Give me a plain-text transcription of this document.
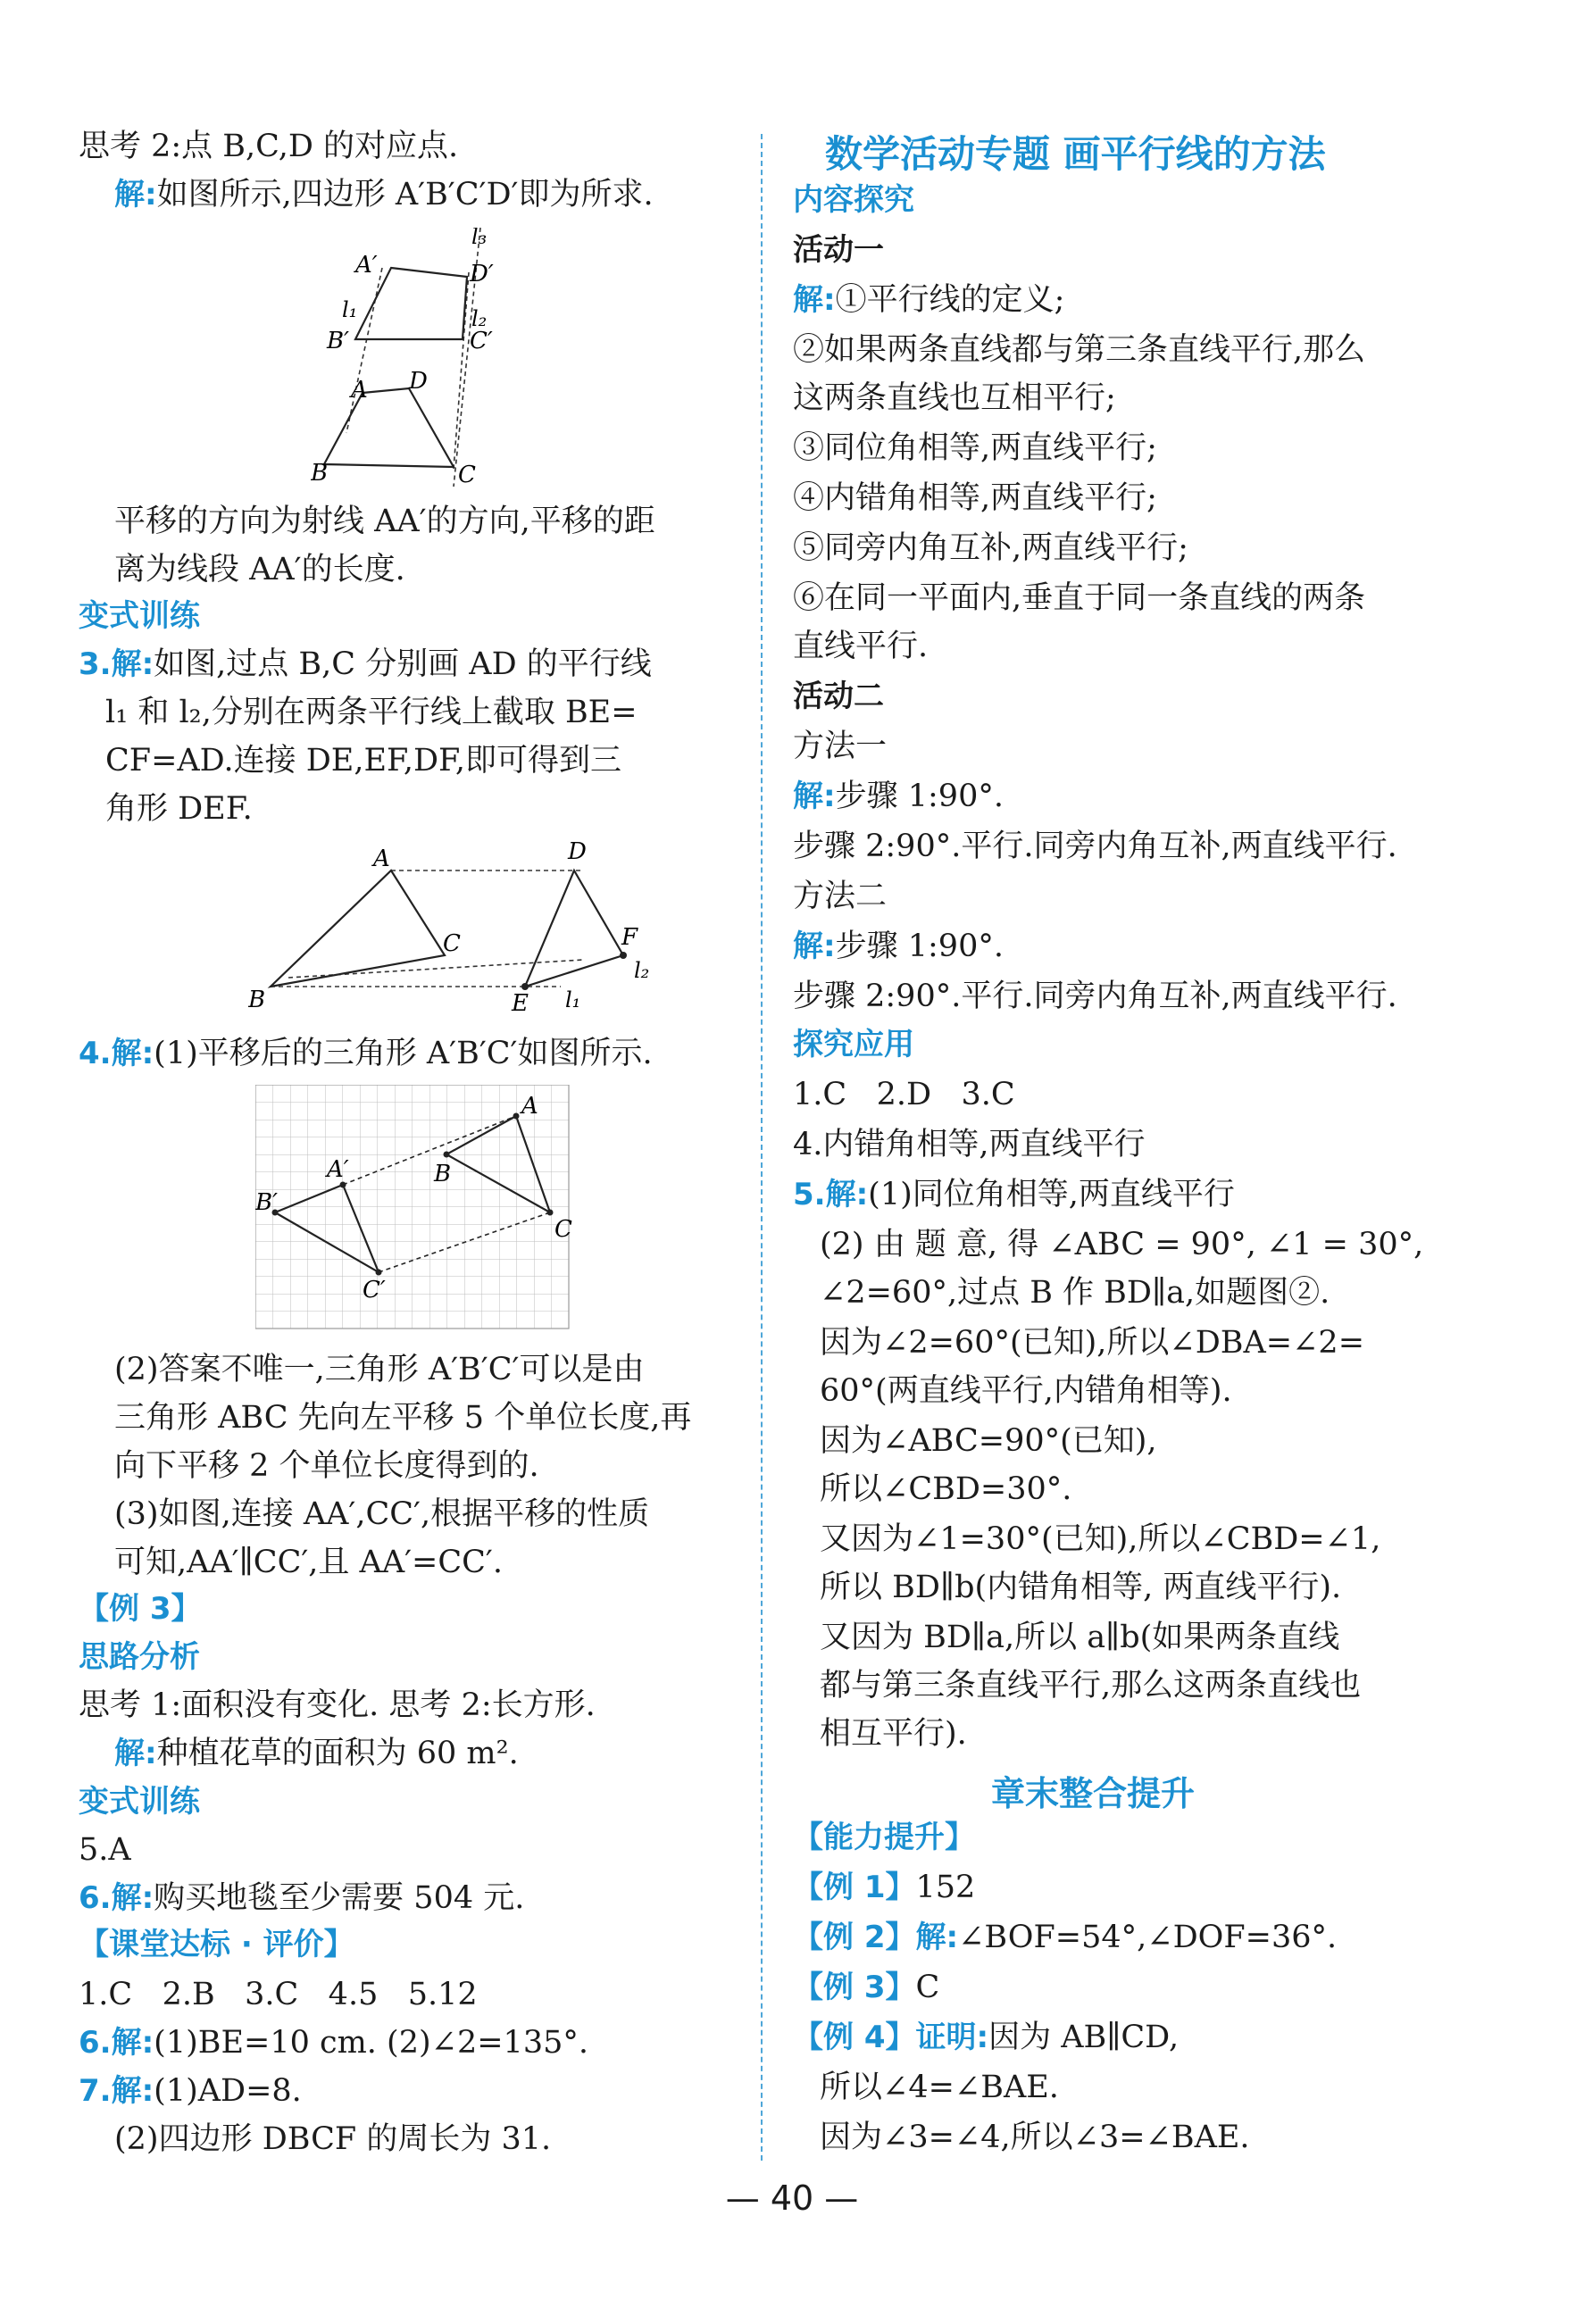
思考 2:点 B,C,D 的对应点.
解:如图所示,四边形 A′B′C′D′即为所求.
A′
l₃
D′
l₁	l₂
B′	C′
A D
B	C
平移的方向为射线 AA′的方向,平移的距
离为线段 AA′的长度.
变式训练
3.解:如图,过点 B,C 分别画 AD 的平行线
l₁ 和 l₂,分别在两条平行线上截取 BE=
CF=AD.连接 DE,EF,DF,即可得到三
角形 DEF.
A	D
C	F
l₂
B	E l₁
4.解:(1)平移后的三角形 A′B′C′如图所示.
A
B
C
A′
B′
C′
(2)答案不唯一,三角形 A′B′C′可以是由
三角形 ABC 先向左平移 5 个单位长度,再
向下平移 2 个单位长度得到的.
(3)如图,连接 AA′,CC′,根据平移的性质
可知,AA′∥CC′,且 AA′=CC′.
【例 3】
思路分析
思考 1:面积没有变化. 思考 2:长方形.
解:种植花草的面积为 60 m².
变式训练
5.A
6.解:购买地毯至少需要 504 元.
【课堂达标 · 评价】
1.C 2.B 3.C 4.5 5.12
6.解:(1)BE=10 cm. (2)∠2=135°.
7.解:(1)AD=8.
(2)四边形 DBCF 的周长为 31.
数学活动专题 画平行线的方法
内容探究
活动一
解:①平行线的定义;
②如果两条直线都与第三条直线平行,那么
这两条直线也互相平行;
③同位角相等,两直线平行;
④内错角相等,两直线平行;
⑤同旁内角互补,两直线平行;
⑥在同一平面内,垂直于同一条直线的两条
直线平行.
活动二
方法一
解:步骤 1:90°.
步骤 2:90°.平行.同旁内角互补,两直线平行.
方法二
解:步骤 1:90°.
步骤 2:90°.平行.同旁内角互补,两直线平行.
探究应用
1.C 2.D 3.C
4.内错角相等,两直线平行
5.解:(1)同位角相等,两直线平行
(2) 由 题 意, 得 ∠ABC = 90°, ∠1 = 30°,
∠2=60°,过点 B 作 BD∥a,如题图②.
因为∠2=60°(已知),所以∠DBA=∠2=
60°(两直线平行,内错角相等).
因为∠ABC=90°(已知),
所以∠CBD=30°.
又因为∠1=30°(已知),所以∠CBD=∠1,
所以 BD∥b(内错角相等, 两直线平行).
又因为 BD∥a,所以 a∥b(如果两条直线
都与第三条直线平行,那么这两条直线也
相互平行).
章末整合提升
【能力提升】
【例 1】152
【例 2】解:∠BOF=54°,∠DOF=36°.
【例 3】C
【例 4】证明:因为 AB∥CD,
所以∠4=∠BAE.
因为∠3=∠4,所以∠3=∠BAE.
— 40 —
